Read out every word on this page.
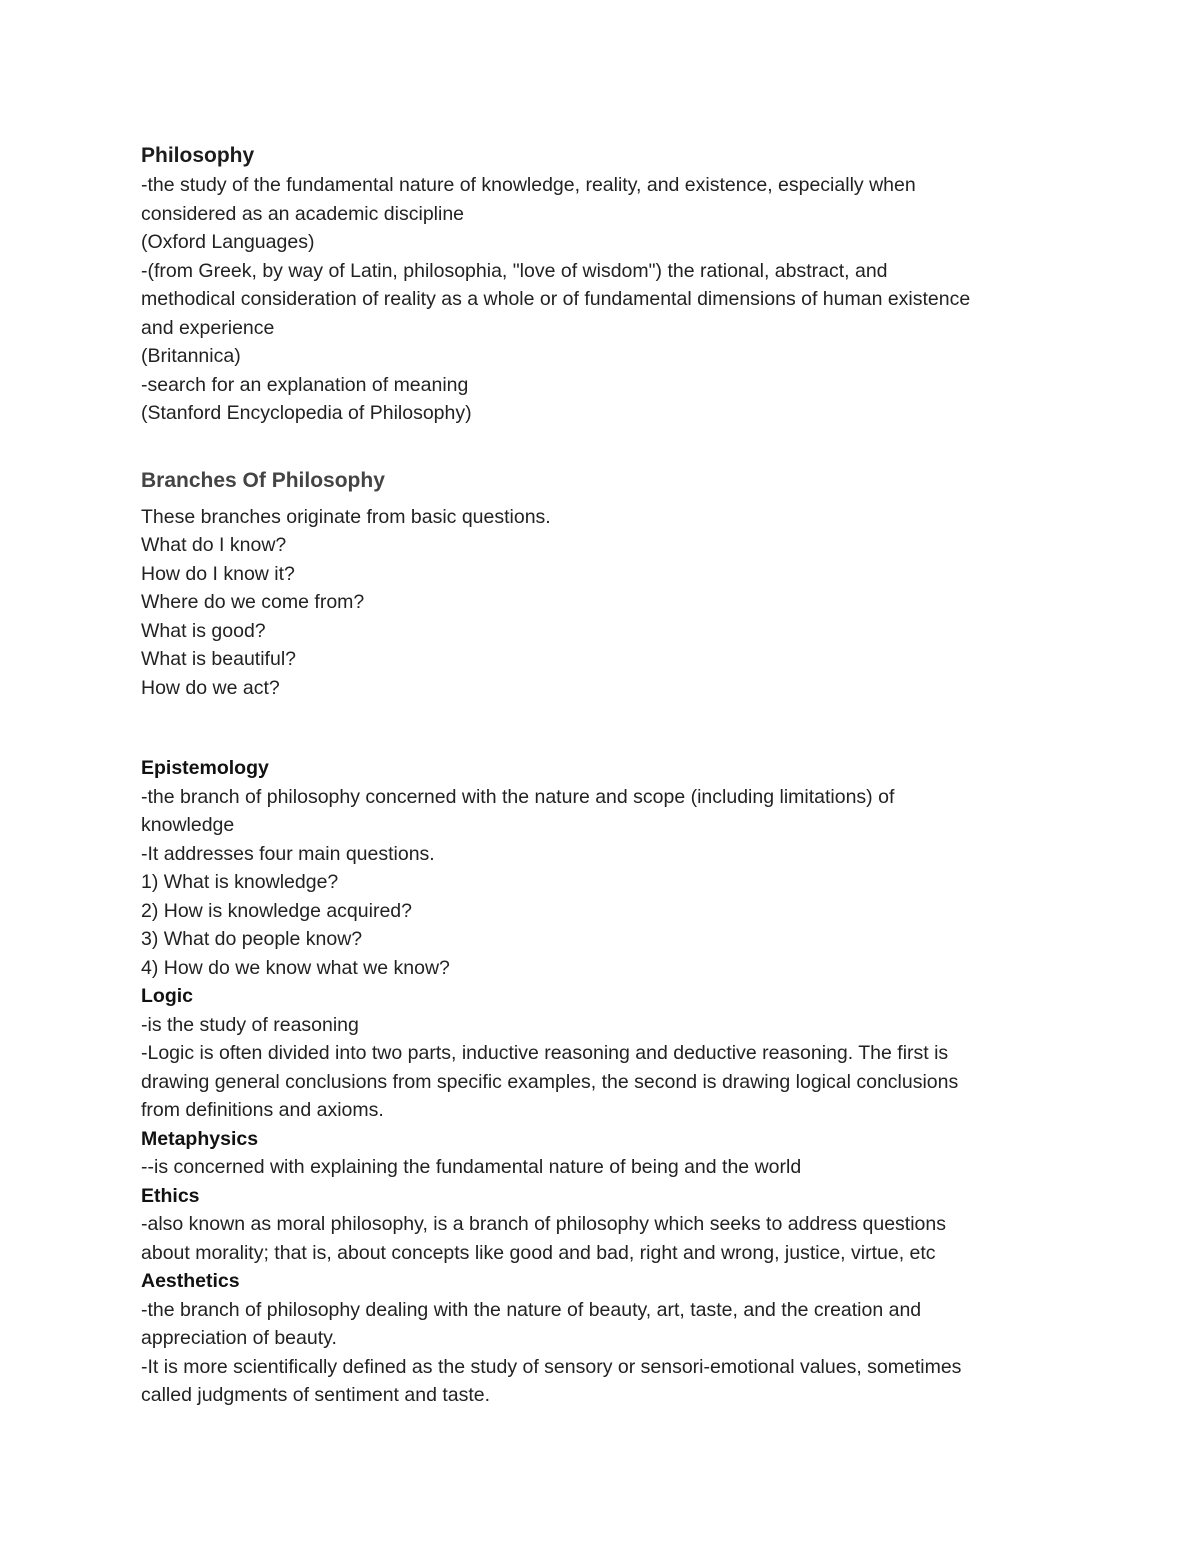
Philosophy

-the study of the fundamental nature of knowledge, reality, and existence, especially when

considered as an academic discipline

(Oxford Languages)

-(from Greek, by way of Latin, philosophia, "love of wisdom") the rational, abstract, and

methodical consideration of reality as a whole or of fundamental dimensions of human existence

and experience

(Britannica)

-search for an explanation of meaning

(Stanford Encyclopedia of Philosophy)

Branches Of Philosophy

These branches originate from basic questions.

What do I know?

How do I know it?

Where do we come from?

What is good?

What is beautiful?

How do we act?

Epistemology

-the branch of philosophy concerned with the nature and scope (including limitations) of

knowledge

-It addresses four main questions.

1) What is knowledge?

2) How is knowledge acquired?

3) What do people know?

4) How do we know what we know?

Logic

-is the study of reasoning

-Logic is often divided into two parts, inductive reasoning and deductive reasoning. The first is

drawing general conclusions from specific examples, the second is drawing logical conclusions

from definitions and axioms.

Metaphysics

--is concerned with explaining the fundamental nature of being and the world

Ethics

-also known as moral philosophy, is a branch of philosophy which seeks to address questions

about morality; that is, about concepts like good and bad, right and wrong, justice, virtue, etc

Aesthetics

-the branch of philosophy dealing with the nature of beauty, art, taste, and the creation and

appreciation of beauty.

-It is more scientifically defined as the study of sensory or sensori-emotional values, sometimes

called judgments of sentiment and taste.
